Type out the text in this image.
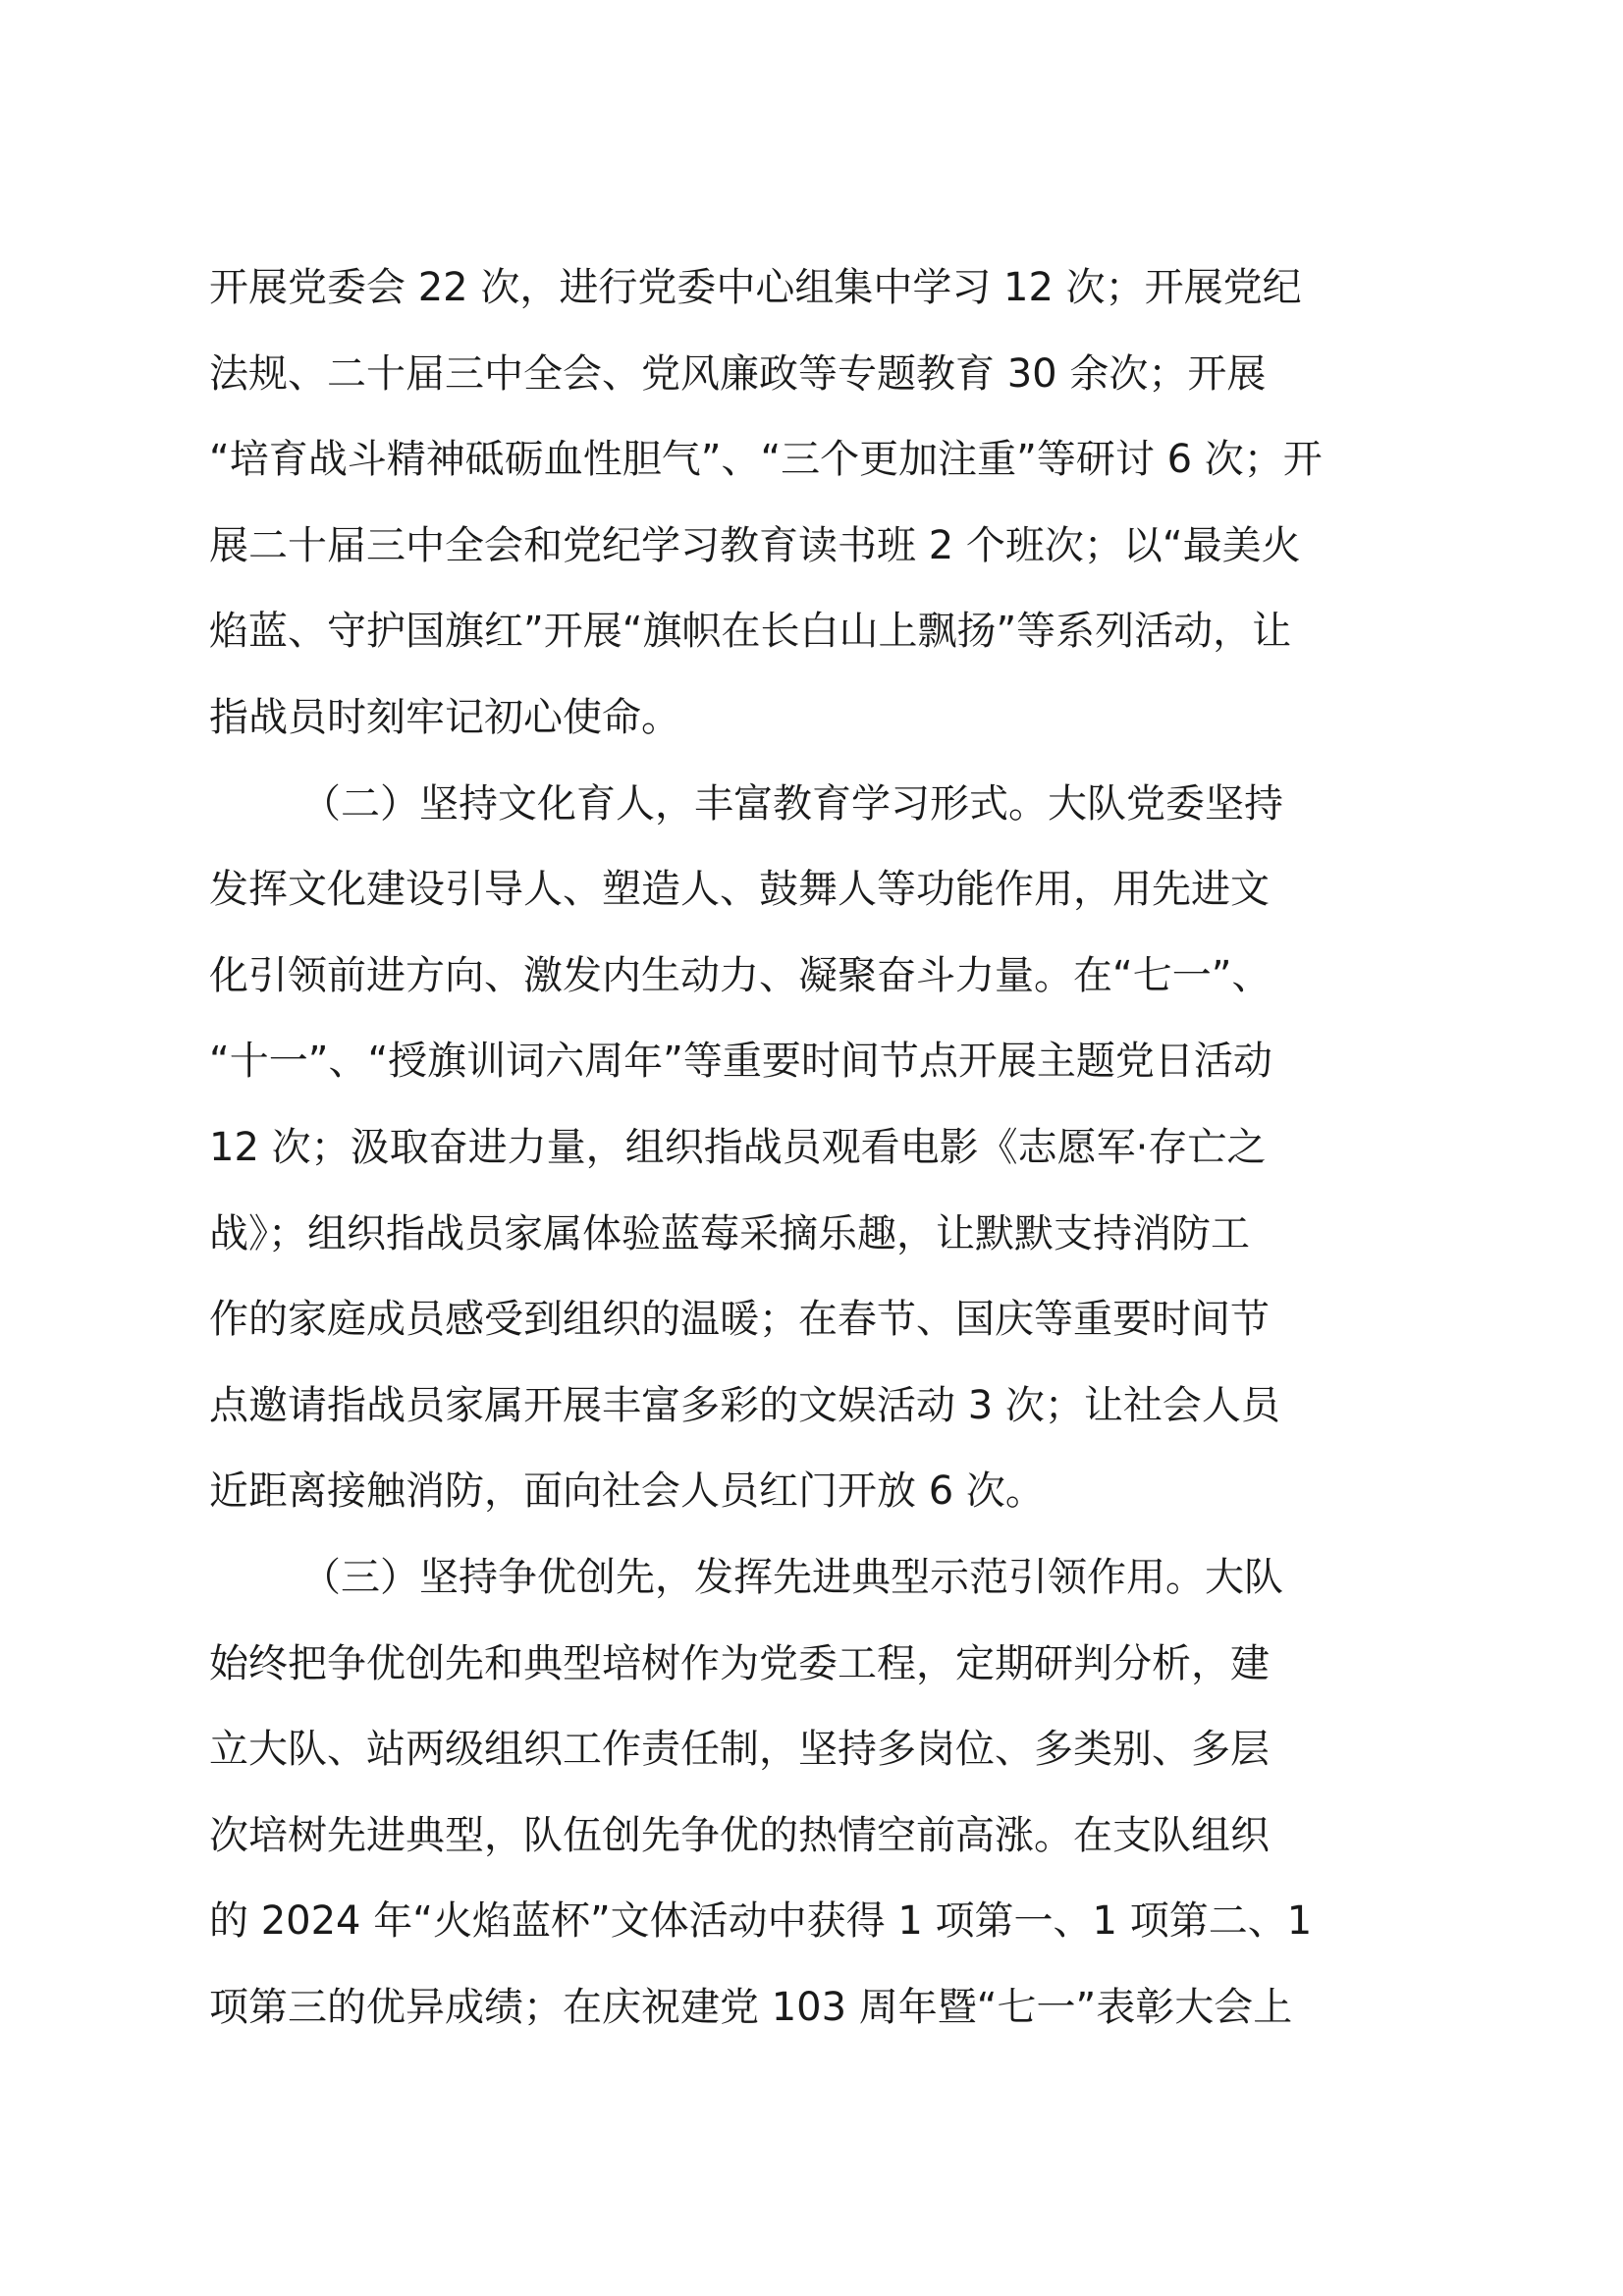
开展党委会 22 次，进行党委中心组集中学习 12 次；开展党纪
法规、二十届三中全会、党风廉政等专题教育 30 余次；开展
“培育战斗精神砥砺血性胆气”、“三个更加注重”等研讨 6 次；开
展二十届三中全会和党纪学习教育读书班 2 个班次；以“最美火
焰蓝、守护国旗红”开展“旗帜在长白山上飘扬”等系列活动，让
指战员时刻牢记初心使命。
（二）坚持文化育人，丰富教育学习形式。大队党委坚持
发挥文化建设引导人、塑造人、鼓舞人等功能作用，用先进文
化引领前进方向、激发内生动力、凝聚奋斗力量。在“七一”、
“十一”、“授旗训词六周年”等重要时间节点开展主题党日活动
12 次；汲取奋进力量，组织指战员观看电影《志愿军·存亡之
战》；组织指战员家属体验蓝莓采摘乐趣，让默默支持消防工
作的家庭成员感受到组织的温暖；在春节、国庆等重要时间节
点邀请指战员家属开展丰富多彩的文娱活动 3 次；让社会人员
近距离接触消防，面向社会人员红门开放 6 次。
（三）坚持争优创先，发挥先进典型示范引领作用。大队
始终把争优创先和典型培树作为党委工程，定期研判分析，建
立大队、站两级组织工作责任制，坚持多岗位、多类别、多层
次培树先进典型，队伍创先争优的热情空前高涨。在支队组织
的 2024 年“火焰蓝杯”文体活动中获得 1 项第一、1 项第二、1
项第三的优异成绩；在庆祝建党 103 周年暨“七一”表彰大会上
